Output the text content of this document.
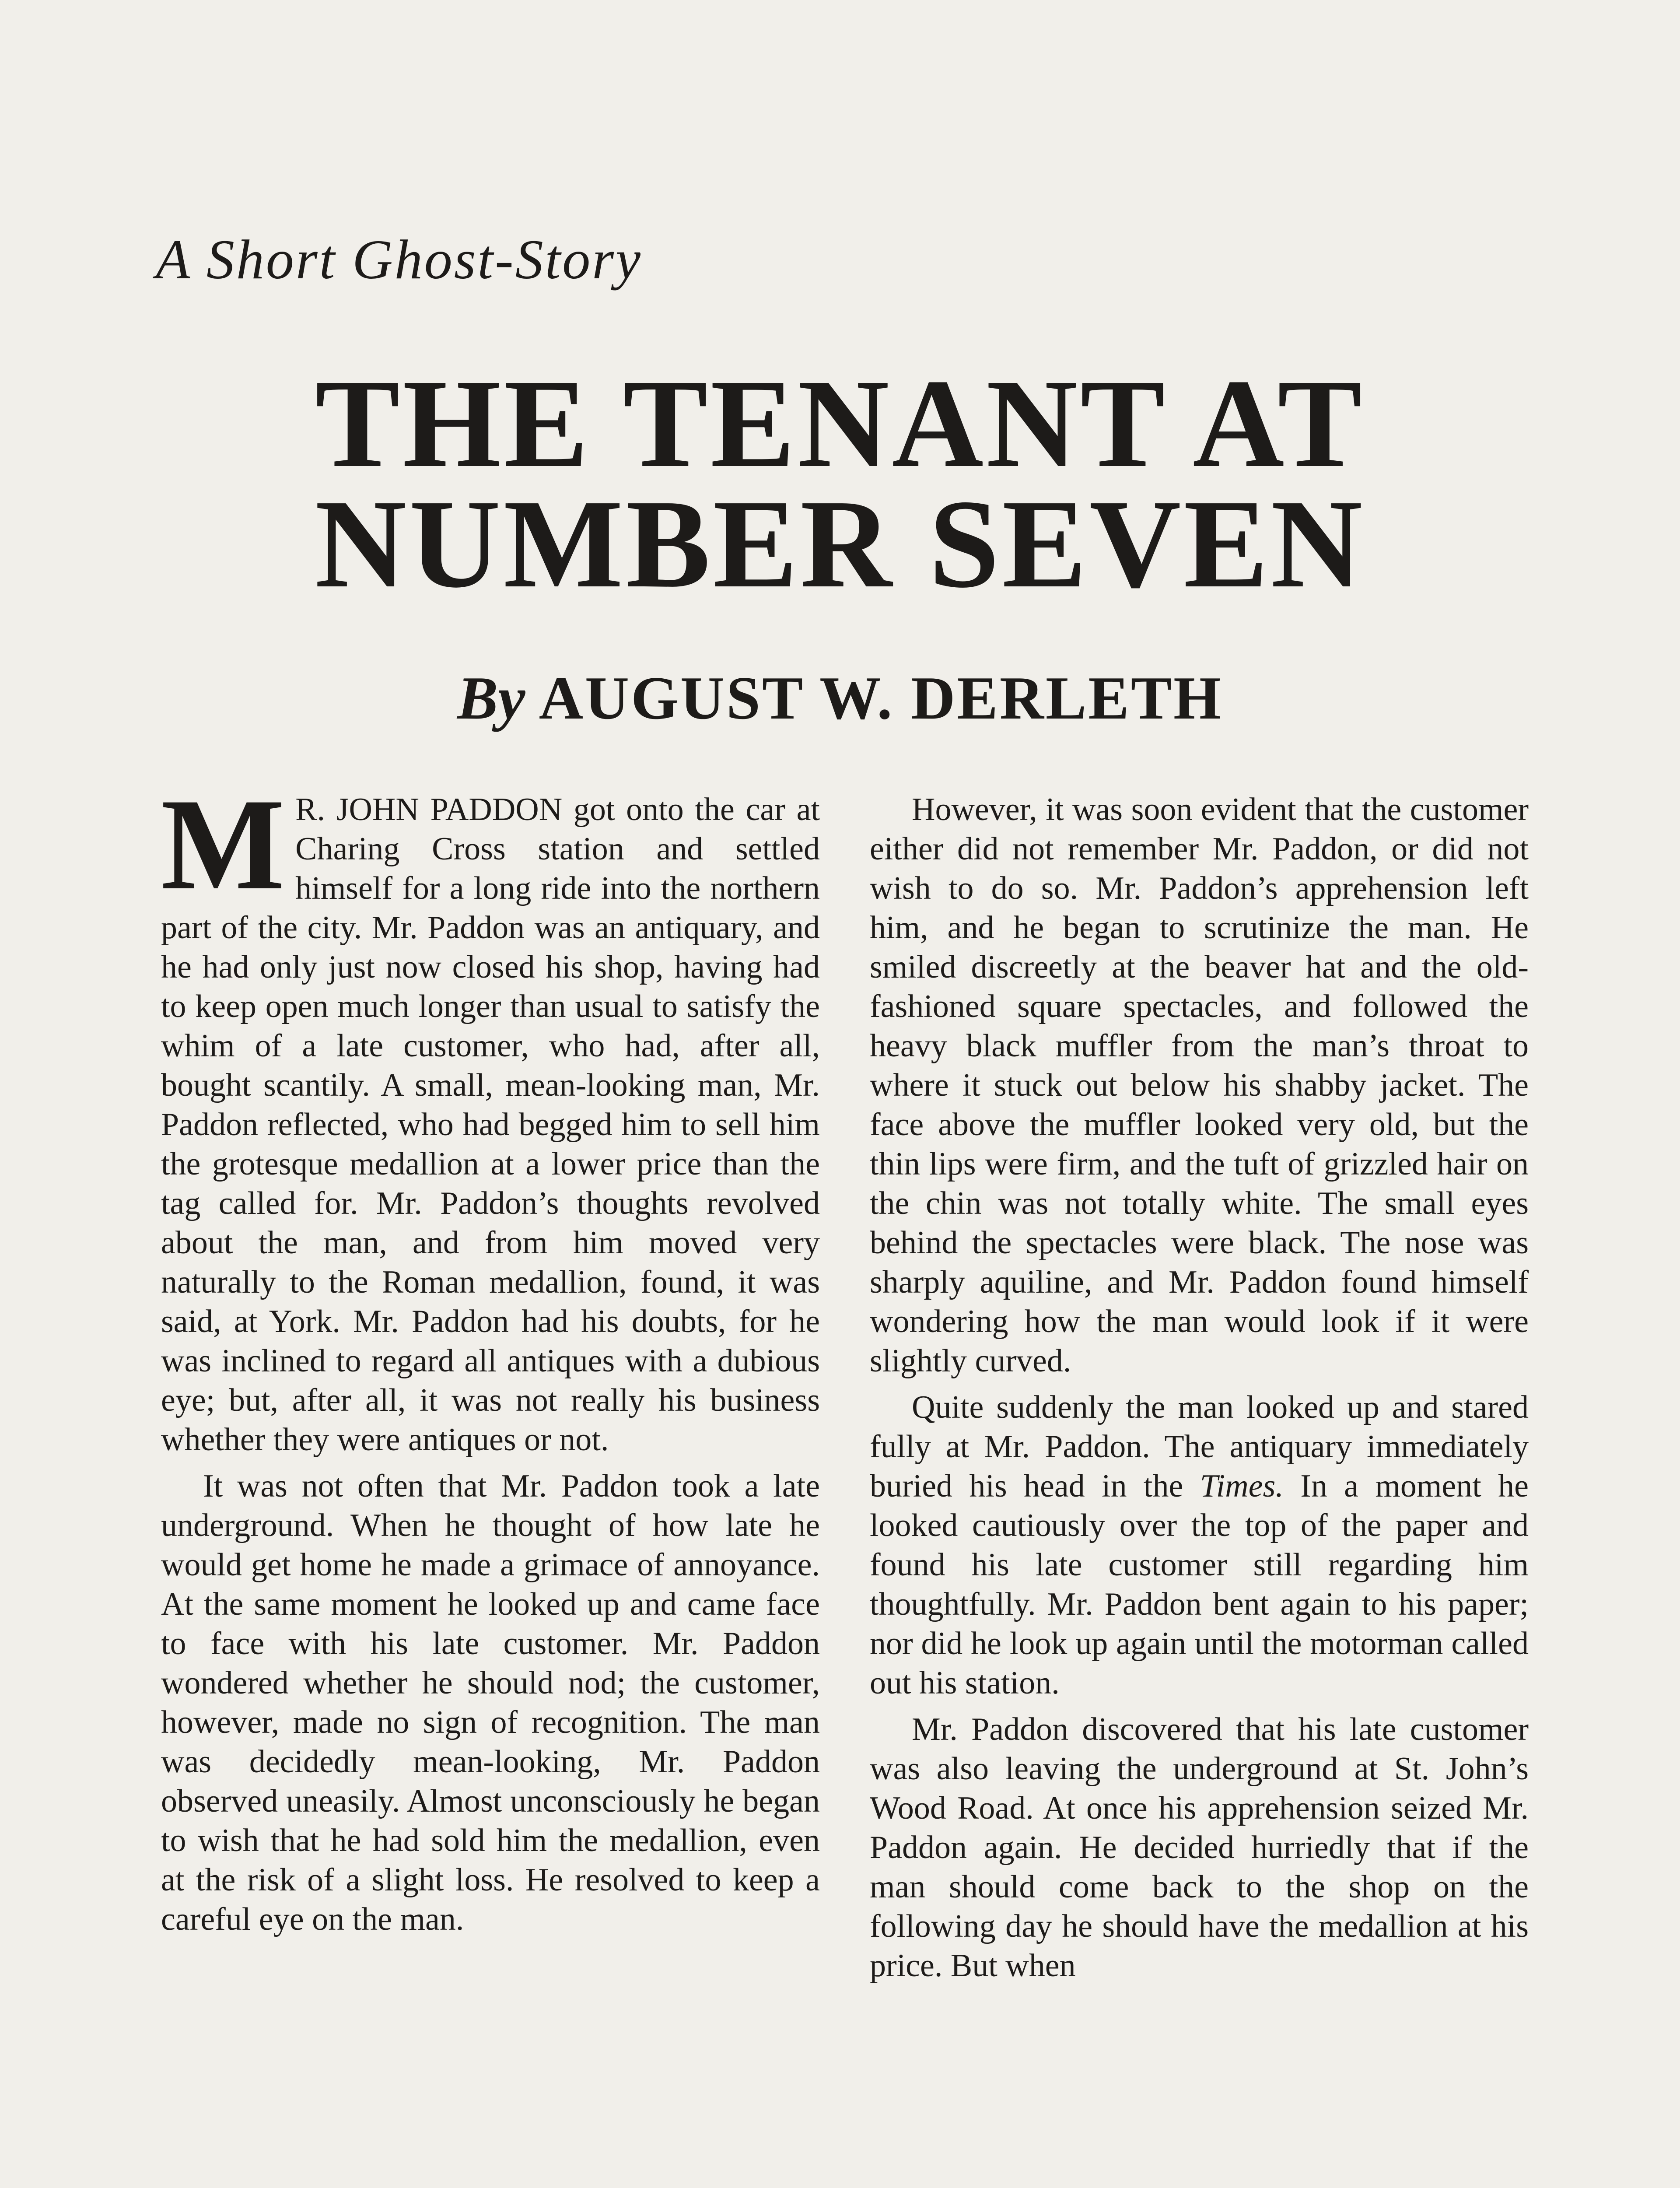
A Short Ghost-Story
THE TENANT AT
NUMBER SEVEN
By AUGUST W. DERLETH

M R. JOHN PADDON got onto the car at Charing Cross station and settled himself for a long ride into the northern part of the city. Mr. Paddon was an antiquary, and he had only just now closed his shop, having had to keep open much longer than usual to satisfy the whim of a late customer, who had, after all, bought scantily. A small, mean-looking man, Mr. Paddon reflected, who had begged him to sell him the grotesque medallion at a lower price than the tag called for. Mr. Paddon’s thoughts revolved about the man, and from him moved very naturally to the Roman medallion, found, it was said, at York. Mr. Paddon had his doubts, for he was inclined to regard all antiques with a dubious eye; but, after all, it was not really his business whether they were antiques or not.

It was not often that Mr. Paddon took a late underground. When he thought of how late he would get home he made a grimace of annoyance. At the same moment he looked up and came face to face with his late customer. Mr. Paddon wondered whether he should nod; the customer, however, made no sign of recognition. The man was decidedly mean-looking, Mr. Paddon observed uneasily. Almost unconsciously he began to wish that he had sold him the medallion, even at the risk of a slight loss. He resolved to keep a careful eye on the man.

However, it was soon evident that the customer either did not remember Mr. Paddon, or did not wish to do so. Mr. Paddon’s apprehension left him, and he began to scrutinize the man. He smiled discreetly at the beaver hat and the old-fashioned square spectacles, and followed the heavy black muffler from the man’s throat to where it stuck out below his shabby jacket. The face above the muffler looked very old, but the thin lips were firm, and the tuft of grizzled hair on the chin was not totally white. The small eyes behind the spectacles were black. The nose was sharply aquiline, and Mr. Paddon found himself wondering how the man would look if it were slightly curved.

Quite suddenly the man looked up and stared fully at Mr. Paddon. The antiquary immediately buried his head in the Times. In a moment he looked cautiously over the top of the paper and found his late customer still regarding him thoughtfully. Mr. Paddon bent again to his paper; nor did he look up again until the motorman called out his station.

Mr. Paddon discovered that his late customer was also leaving the underground at St. John’s Wood Road. At once his apprehension seized Mr. Paddon again. He decided hurriedly that if the man should come back to the shop on the following day he should have the medallion at his price. But when
